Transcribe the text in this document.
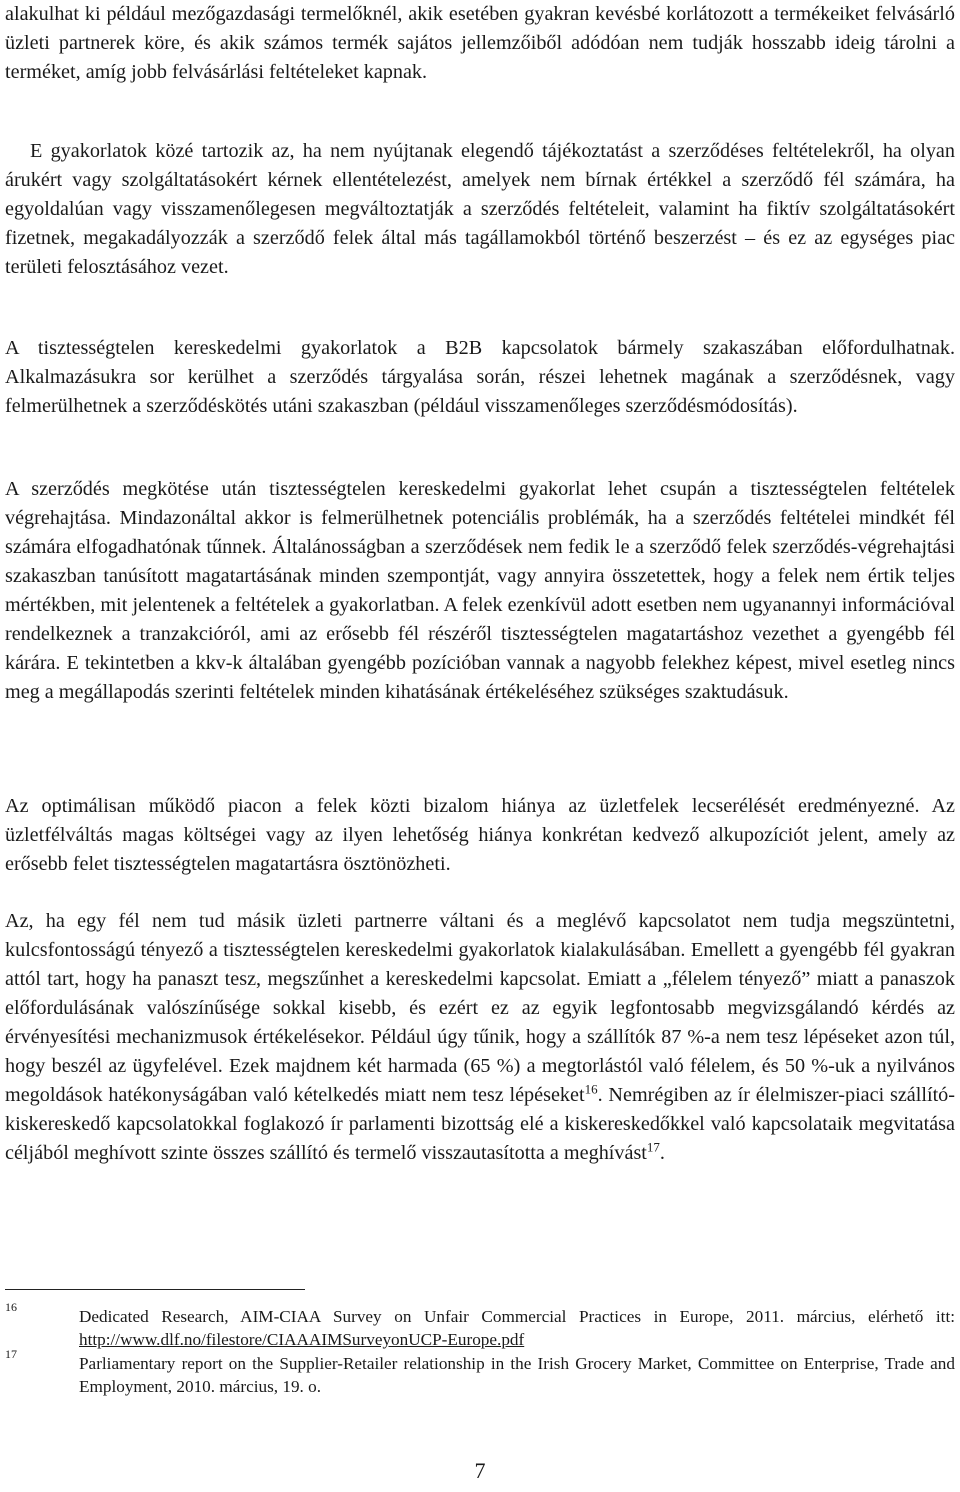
alakulhat ki például mezőgazdasági termelőknél, akik esetében gyakran kevésbé korlátozott a termékeiket felvásárló üzleti partnerek köre, és akik számos termék sajátos jellemzőiből adódóan nem tudják hosszabb ideig tárolni a terméket, amíg jobb felvásárlási feltételeket kapnak.

E gyakorlatok közé tartozik az, ha nem nyújtanak elegendő tájékoztatást a szerződéses feltételekről, ha olyan árukért vagy szolgáltatásokért kérnek ellentételezést, amelyek nem bírnak értékkel a szerződő fél számára, ha egyoldalúan vagy visszamenőlegesen megváltoztatják a szerződés feltételeit, valamint ha fiktív szolgáltatásokért fizetnek, megakadályozzák a szerződő felek által más tagállamokból történő beszerzést – és ez az egységes piac területi felosztásához vezet.

A tisztességtelen kereskedelmi gyakorlatok a B2B kapcsolatok bármely szakaszában előfordulhatnak. Alkalmazásukra sor kerülhet a szerződés tárgyalása során, részei lehetnek magának a szerződésnek, vagy felmerülhetnek a szerződéskötés utáni szakaszban (például visszamenőleges szerződésmódosítás).

A szerződés megkötése után tisztességtelen kereskedelmi gyakorlat lehet csupán a tisztességtelen feltételek végrehajtása. Mindazonáltal akkor is felmerülhetnek potenciális problémák, ha a szerződés feltételei mindkét fél számára elfogadhatónak tűnnek. Általánosságban a szerződések nem fedik le a szerződő felek szerződés-végrehajtási szakaszban tanúsított magatartásának minden szempontját, vagy annyira összetettek, hogy a felek nem értik teljes mértékben, mit jelentenek a feltételek a gyakorlatban. A felek ezenkívül adott esetben nem ugyanannyi információval rendelkeznek a tranzakcióról, ami az erősebb fél részéről tisztességtelen magatartáshoz vezethet a gyengébb fél kárára. E tekintetben a kkv-k általában gyengébb pozícióban vannak a nagyobb felekhez képest, mivel esetleg nincs meg a megállapodás szerinti feltételek minden kihatásának értékeléséhez szükséges szaktudásuk.

Az optimálisan működő piacon a felek közti bizalom hiánya az üzletfelek lecserélését eredményezné. Az üzletfélváltás magas költségei vagy az ilyen lehetőség hiánya konkrétan kedvező alkupozíciót jelent, amely az erősebb felet tisztességtelen magatartásra ösztönözheti.

Az, ha egy fél nem tud másik üzleti partnerre váltani és a meglévő kapcsolatot nem tudja megszüntetni, kulcsfontosságú tényező a tisztességtelen kereskedelmi gyakorlatok kialakulásában. Emellett a gyengébb fél gyakran attól tart, hogy ha panaszt tesz, megszűnhet a kereskedelmi kapcsolat. Emiatt a „félelem tényező” miatt a panaszok előfordulásának valószínűsége sokkal kisebb, és ezért ez az egyik legfontosabb megvizsgálandó kérdés az érvényesítési mechanizmusok értékelésekor. Például úgy tűnik, hogy a szállítók 87 %-a nem tesz lépéseket azon túl, hogy beszél az ügyfelével. Ezek majdnem két harmada (65 %) a megtorlástól való félelem, és 50 %-uk a nyilvános megoldások hatékonyságában való kételkedés miatt nem tesz lépéseket$^{16}$. Nemrégiben az ír élelmiszer-piaci szállító-kiskereskedő kapcsolatokkal foglakozó ír parlamenti bizottság elé a kiskereskedőkkel való kapcsolataik megvitatása céljából meghívott szinte összes szállító és termelő visszautasította a meghívást$^{17}$.

16	Dedicated Research, AIM-CIAA Survey on Unfair Commercial Practices in Europe, 2011. március, elérhető itt: http://www.dlf.no/filestore/CIAAAIMSurveyonUCP-Europe.pdf
17	Parliamentary report on the Supplier-Retailer relationship in the Irish Grocery Market, Committee on Enterprise, Trade and Employment, 2010. március, 19. o.
7
